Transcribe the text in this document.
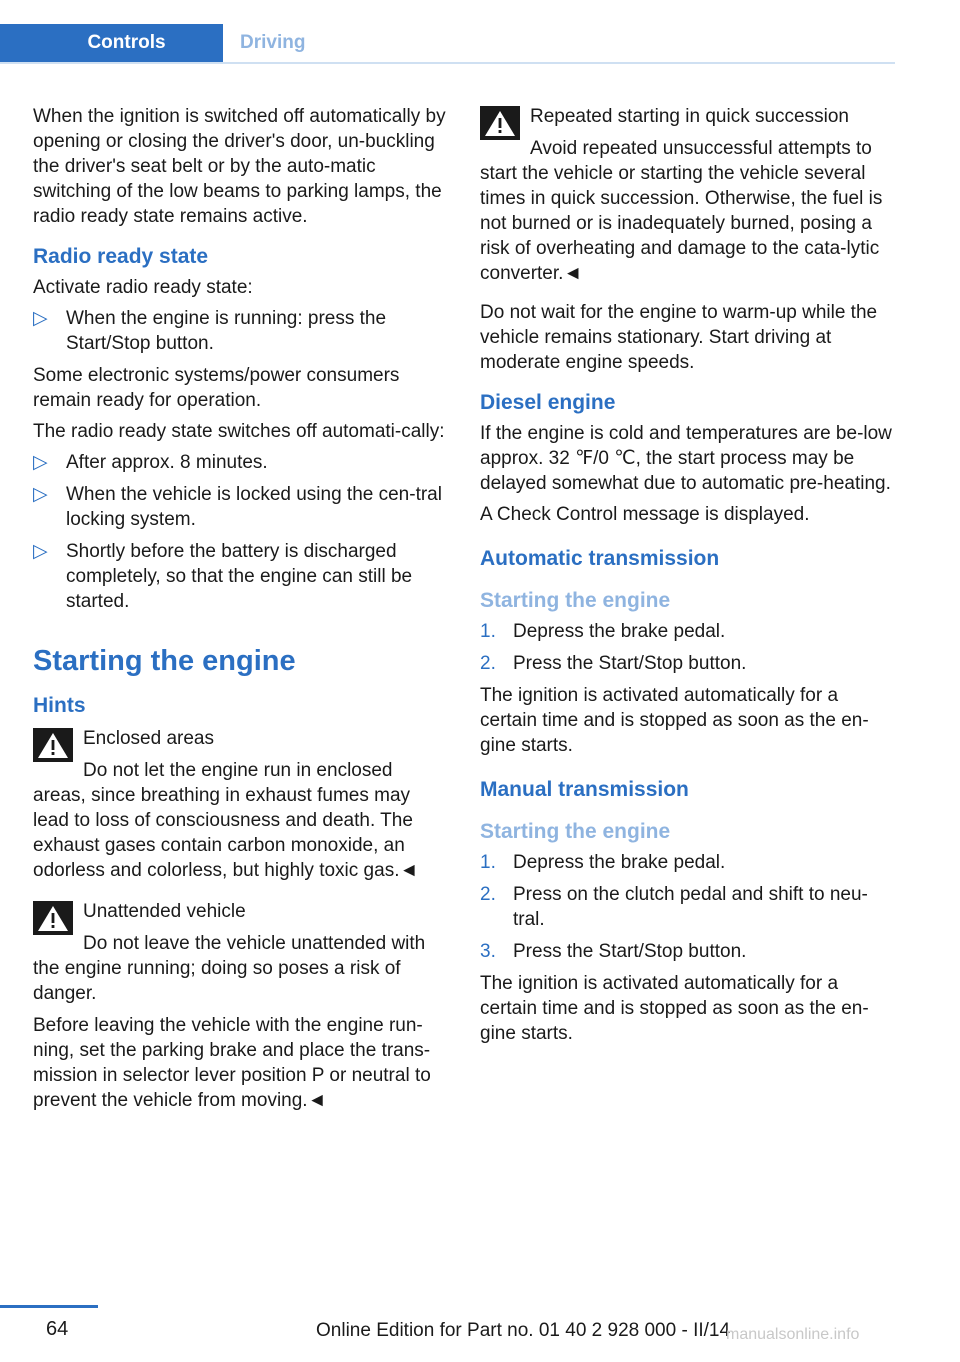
Controls	Driving

When the ignition is switched off automatically by opening or closing the driver's door, un‐buckling the driver's seat belt or by the auto‐matic switching of the low beams to parking lamps, the radio ready state remains active.

Radio ready state

Activate radio ready state:

▷ When the engine is running: press the Start/Stop button.

Some electronic systems/power consumers remain ready for operation.

The radio ready state switches off automati‐cally:

▷ After approx. 8 minutes.
▷ When the vehicle is locked using the cen‐tral locking system.
▷ Shortly before the battery is discharged completely, so that the engine can still be started.
Starting the engine
Hints
Enclosed areas

Do not let the engine run in enclosed areas, since breathing in exhaust fumes may lead to loss of consciousness and death. The exhaust gases contain carbon monoxide, an odorless and colorless, but highly toxic gas.◄

Unattended vehicle

Do not leave the vehicle unattended with the engine running; doing so poses a risk of danger.

Before leaving the vehicle with the engine run‐ning, set the parking brake and place the trans‐mission in selector lever position P or neutral to prevent the vehicle from moving.◄

Repeated starting in quick succession

Avoid repeated unsuccessful attempts to start the vehicle or starting the vehicle several times in quick succession. Otherwise, the fuel is not burned or is inadequately burned, posing a risk of overheating and damage to the cata‐lytic converter.◄

Do not wait for the engine to warm-up while the vehicle remains stationary. Start driving at moderate engine speeds.

Diesel engine

If the engine is cold and temperatures are be‐low approx. 32 ℉/0 ℃, the start process may be delayed somewhat due to automatic pre‐heating.

A Check Control message is displayed.

Automatic transmission
Starting the engine
1. Depress the brake pedal.
2. Press the Start/Stop button.

The ignition is activated automatically for a certain time and is stopped as soon as the en‐gine starts.

Manual transmission
Starting the engine
1. Depress the brake pedal.
2. Press on the clutch pedal and shift to neu‐tral.
3. Press the Start/Stop button.

The ignition is activated automatically for a certain time and is stopped as soon as the en‐gine starts.

64	Online Edition for Part no. 01 40 2 928 000 - II/14
manualsonline.info
